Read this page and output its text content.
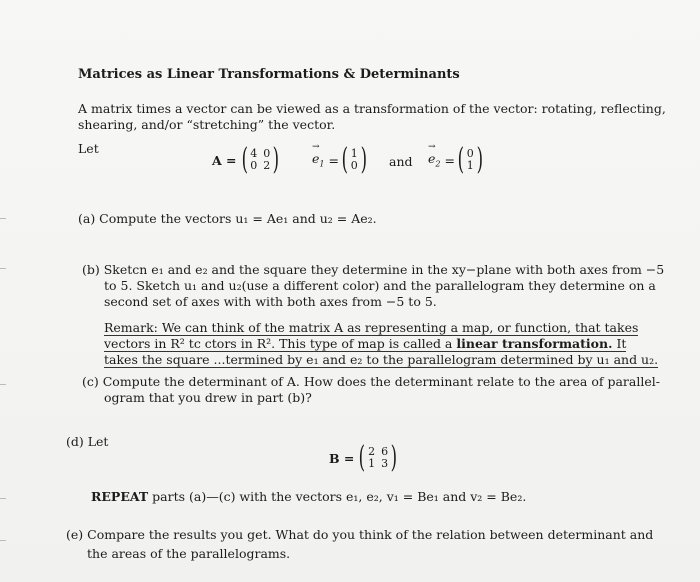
Matrices as Linear Transformations & Determinants
A matrix times a vector can be viewed as a transformation of the vector: rotating, reflecting,
shearing, and/or “stretching” the vector.
Let
A = ( 4 0
0 2 )	→ $e_1$ = ( 1
0 ) and → $e_2$ = ( 0
1 )
(a) Compute the vectors u₁ = Ae₁ and u₂ = Ae₂.
(b) Sketcn e₁ and e₂ and the square they determine in the xy−plane with both axes from −5
to 5. Sketch u₁ and u₂(use a different color) and the parallelogram they determine on a
second set of axes with with both axes from −5 to 5.
Remark: We can think of the matrix A as representing a map, or function, that takes
vectors in R² tc ctors in R². This type of map is called a linear transformation. It
takes the square ...termined by e₁ and e₂ to the parallelogram determined by u₁ and u₂.
(c) Compute the determinant of A. How does the determinant relate to the area of parallel-
ogram that you drew in part (b)?
(d) Let
B = ( 2 6
1 3 )
REPEAT parts (a)—(c) with the vectors e₁, e₂, v₁ = Be₁ and v₂ = Be₂.
(e) Compare the results you get. What do you think of the relation between determinant and
the areas of the parallelograms.
